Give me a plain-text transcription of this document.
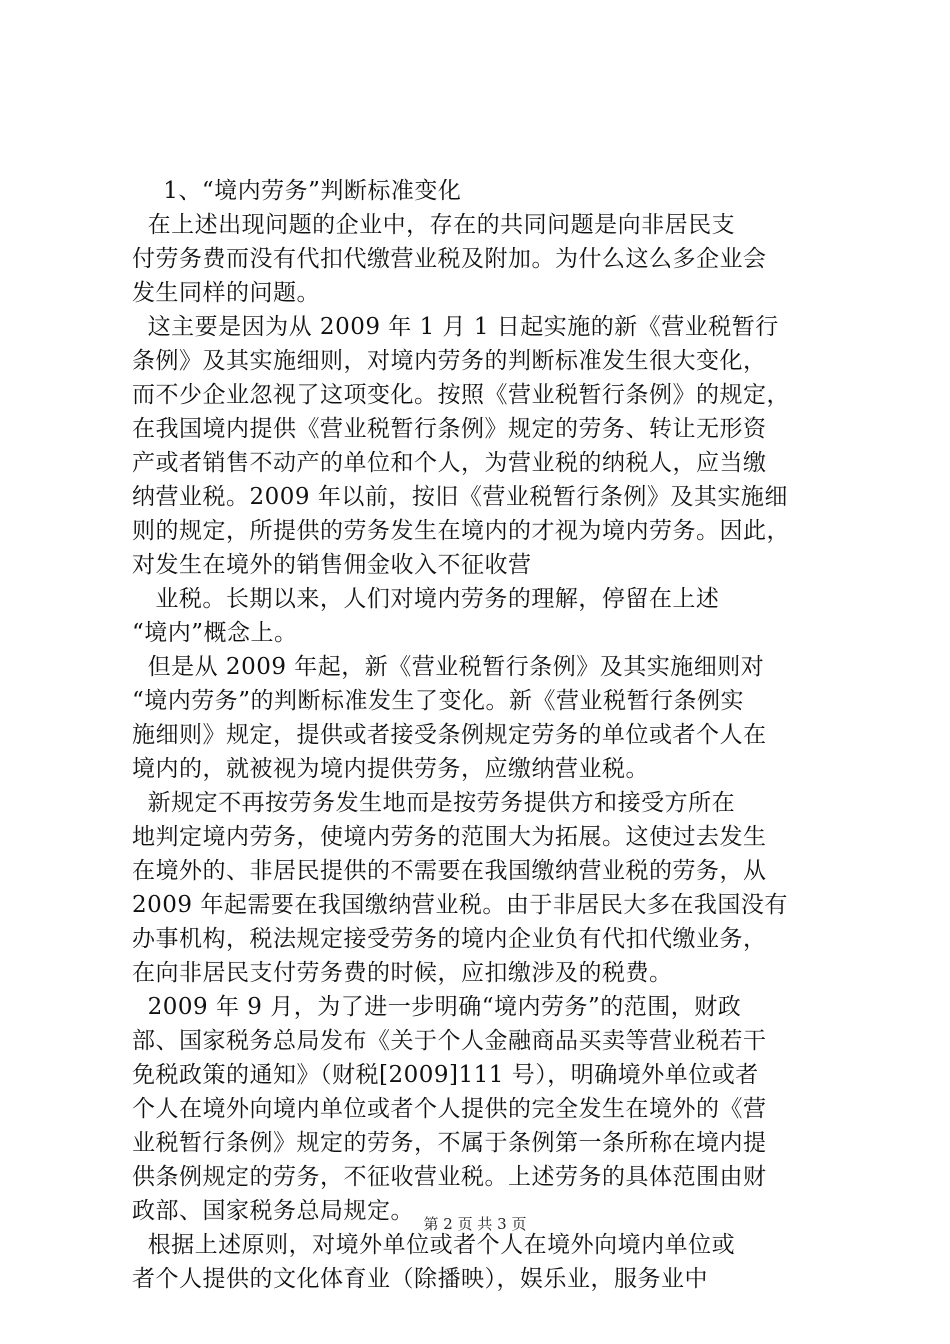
1、“境内劳务”判断标准变化
在上述出现问题的企业中，存在的共同问题是向非居民支
付劳务费而没有代扣代缴营业税及附加。为什么这么多企业会
发生同样的问题。
这主要是因为从 2009 年 1 月 1 日起实施的新《营业税暂行
条例》及其实施细则，对境内劳务的判断标准发生很大变化，
而不少企业忽视了这项变化。按照《营业税暂行条例》的规定，
在我国境内提供《营业税暂行条例》规定的劳务、转让无形资
产或者销售不动产的单位和个人，为营业税的纳税人，应当缴
纳营业税。2009 年以前，按旧《营业税暂行条例》及其实施细
则的规定，所提供的劳务发生在境内的才视为境内劳务。因此，
对发生在境外的销售佣金收入不征收营
业税。长期以来，人们对境内劳务的理解，停留在上述
“境内”概念上。
但是从 2009 年起，新《营业税暂行条例》及其实施细则对
“境内劳务”的判断标准发生了变化。新《营业税暂行条例实
施细则》规定，提供或者接受条例规定劳务的单位或者个人在
境内的，就被视为境内提供劳务，应缴纳营业税。
新规定不再按劳务发生地而是按劳务提供方和接受方所在
地判定境内劳务，使境内劳务的范围大为拓展。这使过去发生
在境外的、非居民提供的不需要在我国缴纳营业税的劳务，从
2009 年起需要在我国缴纳营业税。由于非居民大多在我国没有
办事机构，税法规定接受劳务的境内企业负有代扣代缴业务，
在向非居民支付劳务费的时候，应扣缴涉及的税费。
2009 年 9 月，为了进一步明确“境内劳务”的范围，财政
部、国家税务总局发布《关于个人金融商品买卖等营业税若干
免税政策的通知》（财税[2009]111 号），明确境外单位或者
个人在境外向境内单位或者个人提供的完全发生在境外的《营
业税暂行条例》规定的劳务，不属于条例第一条所称在境内提
供条例规定的劳务，不征收营业税。上述劳务的具体范围由财
政部、国家税务总局规定。
根据上述原则，对境外单位或者个人在境外向境内单位或
者个人提供的文化体育业（除播映），娱乐业，服务业中
第 2 页 共 3 页
